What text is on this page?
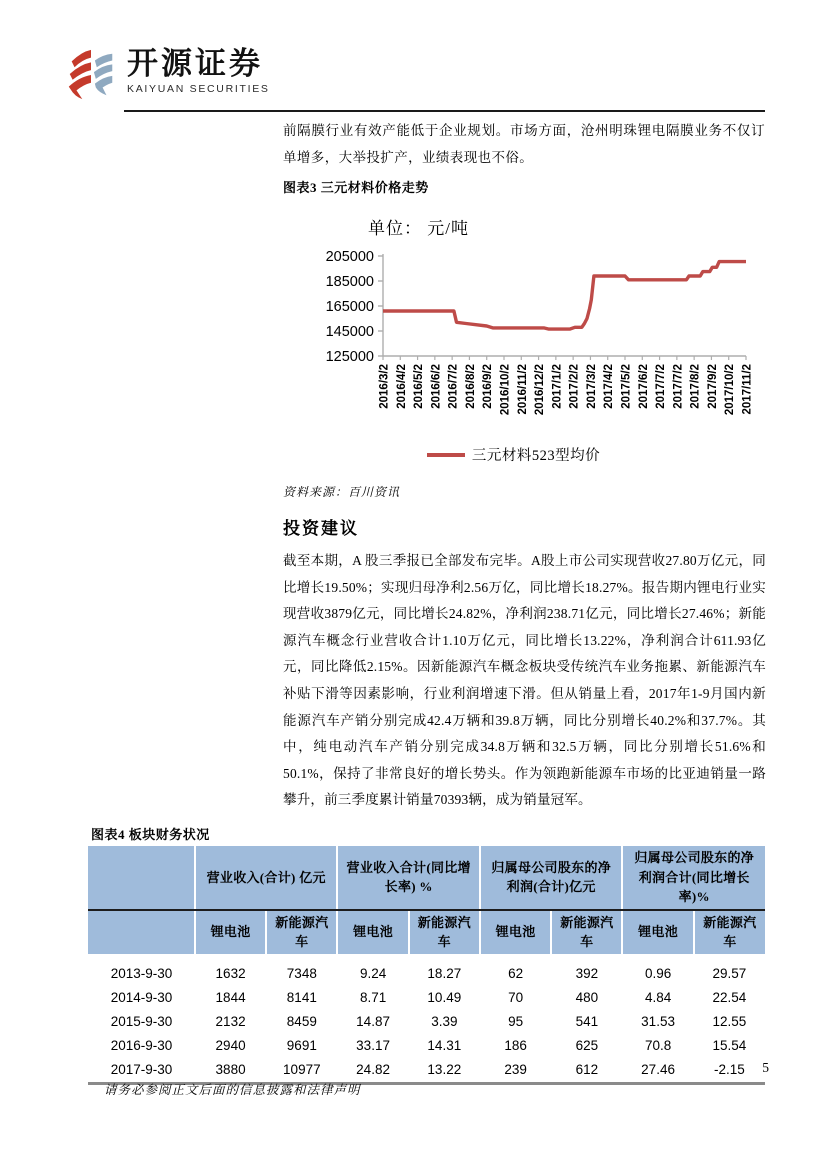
开源证券
KAIYUAN SECURITIES
前隔膜行业有效产能低于企业规划。市场方面，沧州明珠锂电隔膜业务不仅订单增多，大举投扩产，业绩表现也不俗。
图表3 三元材料价格走势
单位： 元/吨
205000
185000
165000
145000
125000
2016/3/2 2016/4/2 2016/5/2 2016/6/2 2016/7/2 2016/8/2 2016/9/2 2016/10/2 2016/11/2 2016/12/2 2017/1/2 2017/2/2 2017/3/2 2017/4/2 2017/5/2 2017/6/2 2017/7/2 2017/7/2 2017/8/2 2017/9/2 2017/10/2 2017/11/2
三元材料523型均价
资料来源：百川资讯
投资建议
截至本期，A 股三季报已全部发布完毕。A股上市公司实现营收27.80万亿元，同比增长19.50%；实现归母净利2.56万亿，同比增长18.27%。报告期内锂电行业实现营收3879亿元，同比增长24.82%，净利润238.71亿元，同比增长27.46%；新能源汽车概念行业营收合计1.10万亿元，同比增长13.22%，净利润合计611.93亿元，同比降低2.15%。因新能源汽车概念板块受传统汽车业务拖累、新能源汽车补贴下滑等因素影响，行业利润增速下滑。但从销量上看，2017年1-9月国内新能源汽车产销分别完成42.4万辆和39.8万辆，同比分别增长40.2%和37.7%。其中，纯电动汽车产销分别完成34.8万辆和32.5万辆，同比分别增长51.6%和50.1%，保持了非常良好的增长势头。作为领跑新能源车市场的比亚迪销量一路攀升，前三季度累计销量70393辆，成为销量冠军。
图表4 板块财务状况
	营业收入(合计) 亿元		营业收入合计(同比增长率) %		归属母公司股东的净利润(合计)亿元		归属母公司股东的净利润合计(同比增长率)%	
	锂电池	新能源汽车	锂电池	新能源汽车	锂电池	新能源汽车	锂电池	新能源汽车
2013-9-30	1632	7348	9.24	18.27	62	392	0.96	29.57
2014-9-30	1844	8141	8.71	10.49	70	480	4.84	22.54
2015-9-30	2132	8459	14.87	3.39	95	541	31.53	12.55
2016-9-30	2940	9691	33.17	14.31	186	625	70.8	15.54
2017-9-30	3880	10977	24.82	13.22	239	612	27.46	-2.15
请务必参阅正文后面的信息披露和法律声明
5
